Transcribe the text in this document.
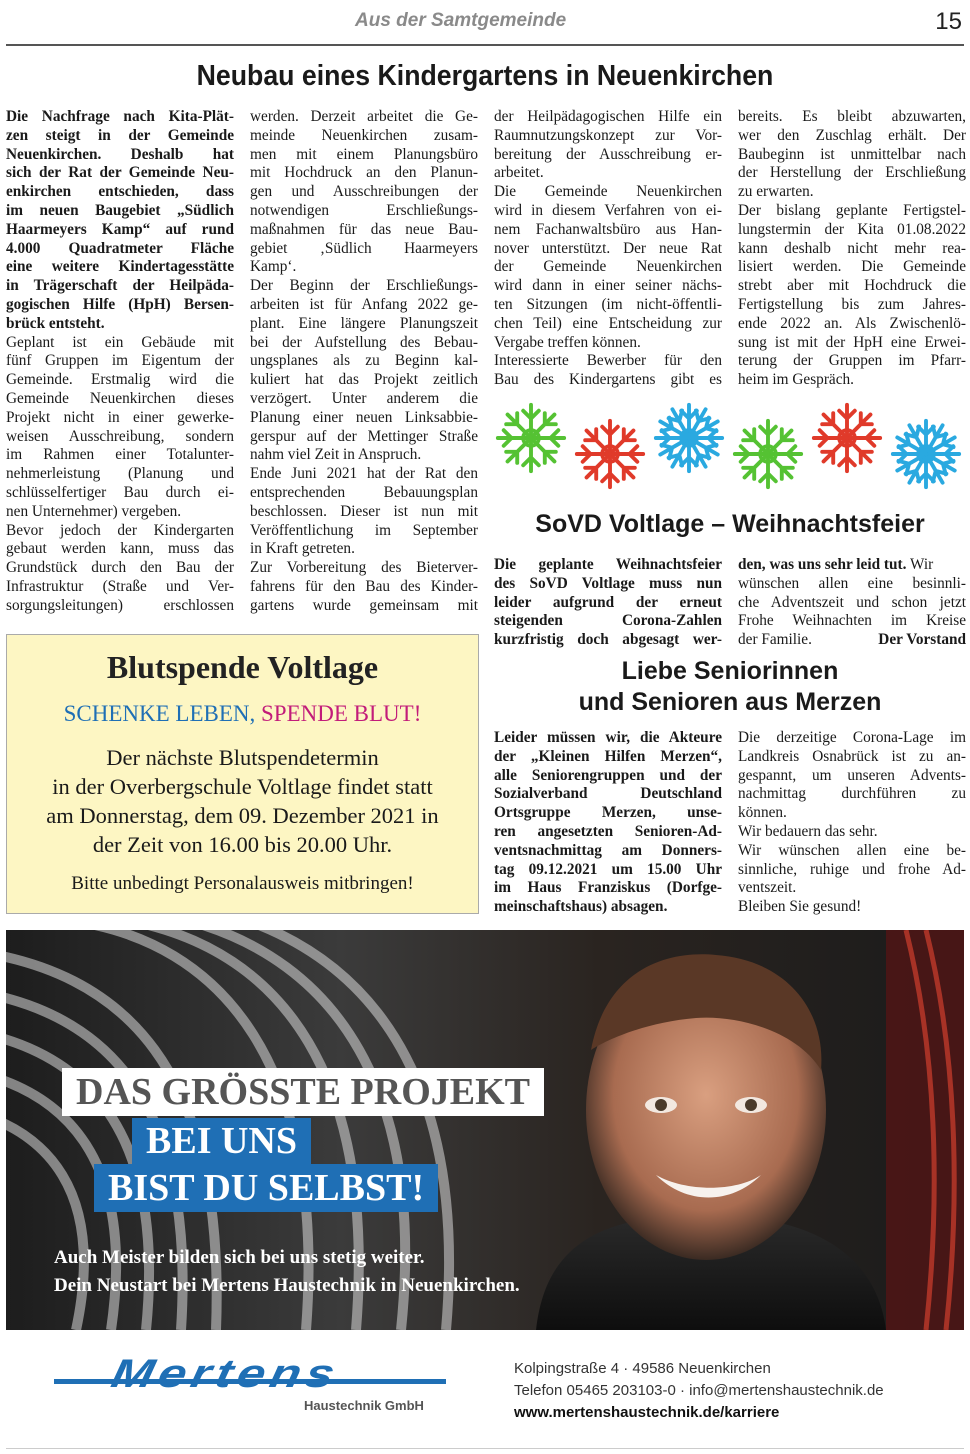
Aus der Samtgemeinde	15
Neubau eines Kindergartens in Neuenkirchen
Die Nachfrage nach Kita-Plät-
zen steigt in der Gemeinde
Neuenkirchen. Deshalb hat
sich der Rat der Gemeinde Neu-
enkirchen entschieden, dass
im neuen Baugebiet „Südlich
Haarmeyers Kamp“ auf rund
4.000 Quadratmeter Fläche
eine weitere Kindertagesstätte
in Trägerschaft der Heilpäda-
gogischen Hilfe (HpH) Bersen-
brück entsteht.
Geplant ist ein Gebäude mit
fünf Gruppen im Eigentum der
Gemeinde. Erstmalig wird die
Gemeinde Neuenkirchen dieses
Projekt nicht in einer gewerke-
weisen Ausschreibung, sondern
im Rahmen einer Totalunter-
nehmerleistung (Planung und
schlüsselfertiger Bau durch ei-
nen Unternehmer) vergeben.
Bevor jedoch der Kindergarten
gebaut werden kann, muss das
Grundstück durch den Bau der
Infrastruktur (Straße und Ver-
sorgungsleitungen) erschlossen
werden. Derzeit arbeitet die Ge-
meinde Neuenkirchen zusam-
men mit einem Planungsbüro
mit Hochdruck an den Planun-
gen und Ausschreibungen der
notwendigen Erschließungs-
maßnahmen für das neue Bau-
gebiet ‚Südlich Haarmeyers
Kamp‘.
Der Beginn der Erschließungs-
arbeiten ist für Anfang 2022 ge-
plant. Eine längere Planungszeit
bei der Aufstellung des Bebau-
ungsplanes als zu Beginn kal-
kuliert hat das Projekt zeitlich
verzögert. Unter anderem die
Planung einer neuen Linksabbie-
gerspur auf der Mettinger Straße
nahm viel Zeit in Anspruch.
Ende Juni 2021 hat der Rat den
entsprechenden Bebauungsplan
beschlossen. Dieser ist nun mit
Veröffentlichung im September
in Kraft getreten.
Zur Vorbereitung des Bieterver-
fahrens für den Bau des Kinder-
gartens wurde gemeinsam mit
der Heilpädagogischen Hilfe ein
Raumnutzungskonzept zur Vor-
bereitung der Ausschreibung er-
arbeitet.
Die Gemeinde Neuenkirchen
wird in diesem Verfahren von ei-
nem Fachanwaltsbüro aus Han-
nover unterstützt. Der neue Rat
der Gemeinde Neuenkirchen
wird dann in einer seiner nächs-
ten Sitzungen (im nicht-öffentli-
chen Teil) eine Entscheidung zur
Vergabe treffen können.
Interessierte Bewerber für den
Bau des Kindergartens gibt es
bereits. Es bleibt abzuwarten,
wer den Zuschlag erhält. Der
Baubeginn ist unmittelbar nach
der Herstellung der Erschließung
zu erwarten.
Der bislang geplante Fertigstel-
lungstermin der Kita 01.08.2022
kann deshalb nicht mehr rea-
lisiert werden. Die Gemeinde
strebt aber mit Hochdruck die
Fertigstellung bis zum Jahres-
ende 2022 an. Als Zwischenlö-
sung ist mit der HpH eine Erwei-
terung der Gruppen im Pfarr-
heim im Gespräch.
SoVD Voltlage – Weihnachtsfeier
Die geplante Weihnachtsfeier
des SoVD Voltlage muss nun
leider aufgrund der erneut
steigenden Corona-Zahlen
kurzfristig doch abgesagt wer-
den, was uns sehr leid tut. Wir
wünschen allen eine besinnli-
che Adventszeit und schon jetzt
Frohe Weihnachten im Kreise
der Familie.	Der Vorstand
Liebe Seniorinnen
und Senioren aus Merzen
Leider müssen wir, die Akteure
der „Kleinen Hilfen Merzen“,
alle Seniorengruppen und der
Sozialverband Deutschland
Ortsgruppe Merzen, unse-
ren angesetzten Senioren-Ad-
ventsnachmittag am Donners-
tag 09.12.2021 um 15.00 Uhr
im Haus Franziskus (Dorfge-
meinschaftshaus) absagen.
Die derzeitige Corona-Lage im
Landkreis Osnabrück ist zu an-
gespannt, um unseren Advents-
nachmittag durchführen zu
können.
Wir bedauern das sehr.
Wir wünschen allen eine be-
sinnliche, ruhige und frohe Ad-
ventszeit.
Bleiben Sie gesund!
Blutspende Voltlage
SCHENKE LEBEN, SPENDE BLUT!
Der nächste Blutspendetermin
in der Overbergschule Voltlage findet statt
am Donnerstag, dem 09. Dezember 2021 in
der Zeit von 16.00 bis 20.00 Uhr.
Bitte unbedingt Personalausweis mitbringen!
DAS GRÖSSTE PROJEKT
BEI UNS
BIST DU SELBST!
Auch Meister bilden sich bei uns stetig weiter.
Dein Neustart bei Mertens Haustechnik in Neuenkirchen.
Mertens
Haustechnik GmbH
Kolpingstraße 4 · 49586 Neuenkirchen
Telefon 05465 203103-0 · info@mertenshaustechnik.de
www.mertenshaustechnik.de/karriere
